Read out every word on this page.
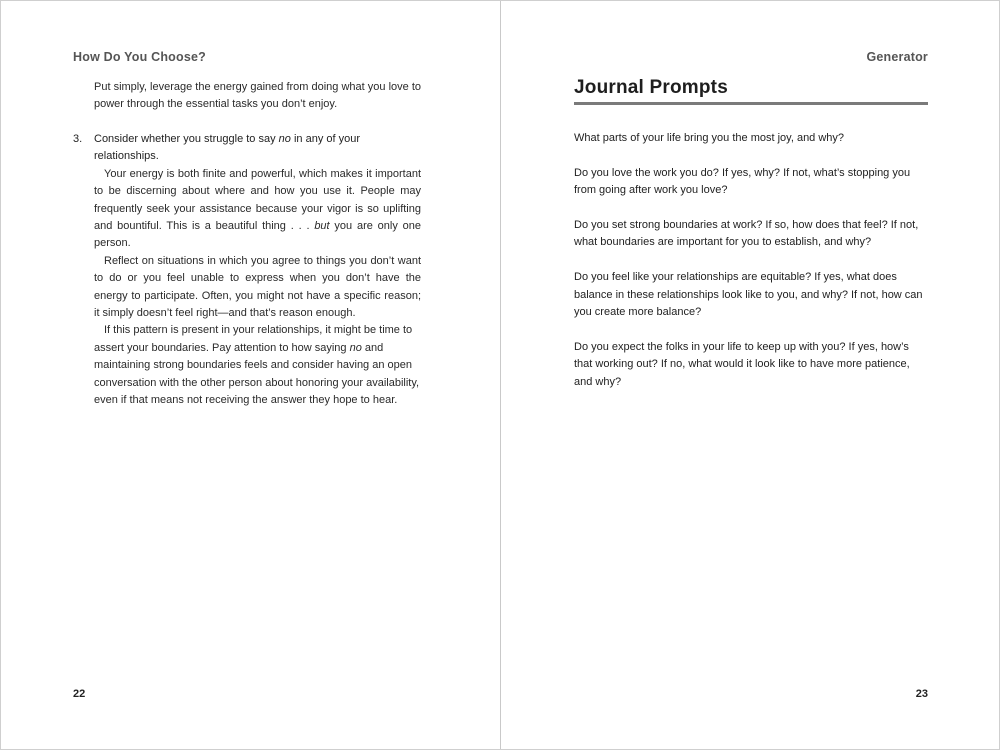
How Do You Choose?

Put simply, leverage the energy gained from doing what you love to power through the essential tasks you don’t enjoy.

3. Consider whether you struggle to say no in any of your relationships.

Your energy is both finite and powerful, which makes it important to be discerning about where and how you use it. People may frequently seek your assistance because your vigor is so uplifting and bountiful. This is a beautiful thing . . . but you are only one person.

Reflect on situations in which you agree to things you don’t want to do or you feel unable to express when you don’t have the energy to participate. Often, you might not have a specific reason; it simply doesn’t feel right—and that’s reason enough.

If this pattern is present in your relationships, it might be time to assert your boundaries. Pay attention to how saying no and maintaining strong boundaries feels and consider having an open conversation with the other person about honoring your availability, even if that means not receiving the answer they hope to hear.

22
Generator
Journal Prompts

What parts of your life bring you the most joy, and why?

Do you love the work you do? If yes, why? If not, what’s stopping you from going after work you love?

Do you set strong boundaries at work? If so, how does that feel? If not, what boundaries are important for you to establish, and why?

Do you feel like your relationships are equitable? If yes, what does balance in these relationships look like to you, and why? If not, how can you create more balance?

Do you expect the folks in your life to keep up with you? If yes, how’s that working out? If no, what would it look like to have more patience, and why?

23
